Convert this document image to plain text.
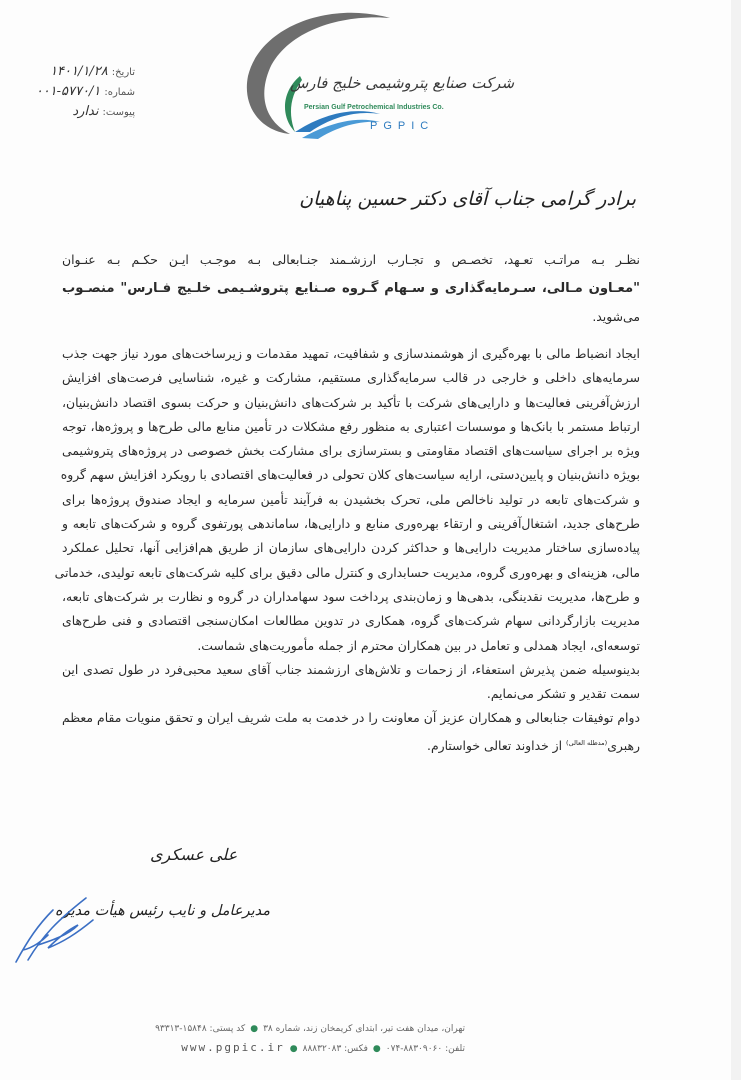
تاریخ:۱۴۰۱/۱/۲۸
شماره:۵۷۷۰/۱-۰۰۱
پیوست:ندارد
شرکت صنایع پتروشیمی خلیج فارس
Persian Gulf Petrochemical Industries Co.
PGPIC
برادر گرامی جناب آقای دکتر حسین پناهیان
نظـر بـه مراتـب تعـهد، تخصـص و تجـارب ارزشـمند جنـابعالی بـه موجـب ایـن حکـم بـه عنـوان
"معـاون مـالی، سـرمایه‌گذاری و سـهام گـروه صـنایع پتروشـیمی خلـیج فـارس" منصـوب
می‌شوید.
ایجاد انضباط مالی با بهره‌گیری از هوشمندسازی و شفافیت، تمهید مقدمات و زیرساخت‌های مورد نیاز جهت جذب
سرمایه‌های داخلی و خارجی در قالب سرمایه‌گذاری مستقیم، مشارکت و غیره، شناسایی فرصت‌های افزایش
ارزش‌آفرینی فعالیت‌ها و دارایی‌های شرکت با تأکید بر شرکت‌های دانش‌بنیان و حرکت بسوی اقتصاد دانش‌بنیان،
ارتباط مستمر با بانک‌ها و موسسات اعتباری به منظور رفع مشکلات در تأمین منابع مالی طرح‌ها و پروژه‌ها، توجه
ویژه بر اجرای سیاست‌های اقتصاد مقاومتی و بسترسازی برای مشارکت بخش خصوصی در پروژه‌های پتروشیمی
بویژه دانش‌بنیان و پایین‌دستی، ارایه سیاست‌های کلان تحولی در فعالیت‌های اقتصادی با رویکرد افزایش سهم گروه
و شرکت‌های تابعه در تولید ناخالص ملی، تحرک بخشیدن به فرآیند تأمین سرمایه و ایجاد صندوق پروژه‌ها برای
طرح‌های جدید، اشتغال‌آفرینی و ارتقاء بهره‌وری منابع و دارایی‌ها، ساماندهی پورتفوی گروه و شرکت‌های تابعه و
پیاده‌سازی ساختار مدیریت دارایی‌ها و حداکثر کردن دارایی‌های سازمان از طریق هم‌افزایی آنها، تحلیل عملکرد
مالی، هزینه‌ای و بهره‌وری گروه، مدیریت حسابداری و کنترل مالی دقیق برای کلیه شرکت‌های تابعه تولیدی، خدماتی
و طرح‌ها، مدیریت نقدینگی، بدهی‌ها و زمان‌بندی پرداخت سود سهامداران در گروه و نظارت بر شرکت‌های تابعه،
مدیریت بازارگردانی سهام شرکت‌های گروه، همکاری در تدوین مطالعات امکان‌سنجی اقتصادی و فنی طرح‌های
توسعه‌ای، ایجاد همدلی و تعامل در بین همکاران محترم از جمله مأموریت‌های شماست.
بدینوسیله ضمن پذیرش استعفاء، از زحمات و تلاش‌های ارزشمند جناب آقای سعید محبی‌فرد در طول تصدی این
سمت تقدیر و تشکر می‌نمایم.
دوام توفیقات جنابعالی و همکاران عزیز آن معاونت را در خدمت به ملت شریف ایران و تحقق منویات مقام معظم
رهبری$^{(مدظله العالی)}$ از خداوند تعالی خواستارم.
علی عسکری
مدیرعامل و نایب رئیس هیأت مدیره
تهران، میدان هفت تیر، ابتدای کریمخان زند، شماره ۳۸●کد پستی: ۱۵۸۴۸-۹۳۳۱۳
تلفن: ۸۸۳۰۹۰۶۰-۰۷۴●فکس: ۸۸۸۳۲۰۸۳●www.pgpic.ir
